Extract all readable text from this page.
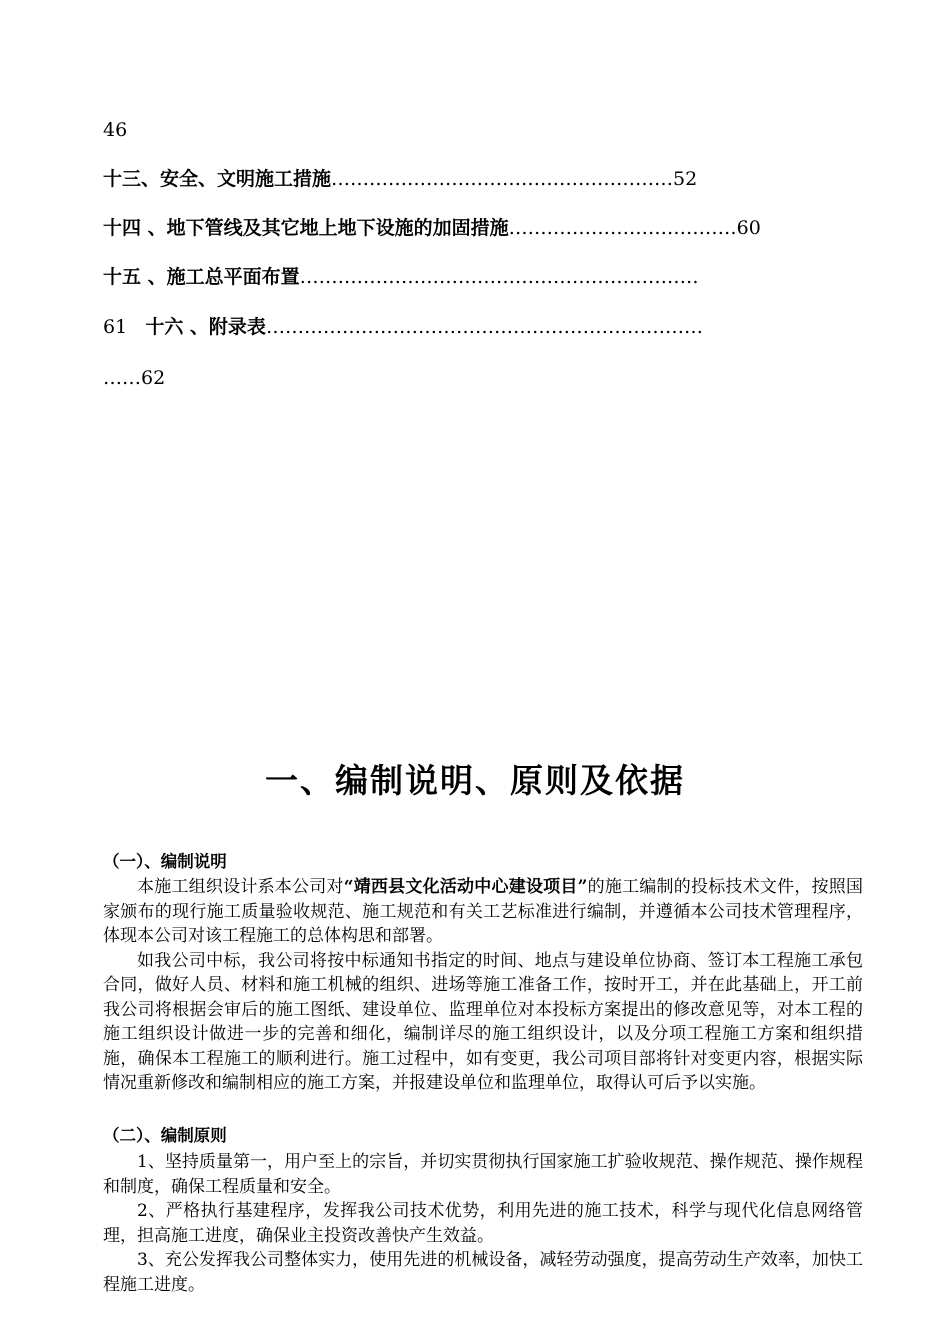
46
十三、安全、文明施工措施………………………………………………52
十四 、地下管线及其它地上地下设施的加固措施………………………………60
十五 、施工总平面布置………………………………………………………
61   十六 、附录表……………………………………………………………
……62
一、编制说明、原则及依据
（一）、编制说明

本施工组织设计系本公司对“靖西县文化活动中心建设项目”的施工编制的投标技术文件，按照国家颁布的现行施工质量验收规范、施工规范和有关工艺标准进行编制，并遵循本公司技术管理程序，体现本公司对该工程施工的总体构思和部署。

如我公司中标，我公司将按中标通知书指定的时间、地点与建设单位协商、签订本工程施工承包合同，做好人员、材料和施工机械的组织、进场等施工准备工作，按时开工，并在此基础上，开工前我公司将根据会审后的施工图纸、建设单位、监理单位对本投标方案提出的修改意见等，对本工程的施工组织设计做进一步的完善和细化，编制详尽的施工组织设计，以及分项工程施工方案和组织措施，确保本工程施工的顺利进行。施工过程中，如有变更，我公司项目部将针对变更内容，根据实际情况重新修改和编制相应的施工方案，并报建设单位和监理单位，取得认可后予以实施。

（二）、编制原则

1、坚持质量第一，用户至上的宗旨，并切实贯彻执行国家施工扩验收规范、操作规范、操作规程和制度，确保工程质量和安全。

2、严格执行基建程序，发挥我公司技术优势，利用先进的施工技术，科学与现代化信息网络管理，担高施工进度，确保业主投资改善快产生效益。

3、充公发挥我公司整体实力，使用先进的机械设备，减轻劳动强度，提高劳动生产效率，加快工程施工进度。
